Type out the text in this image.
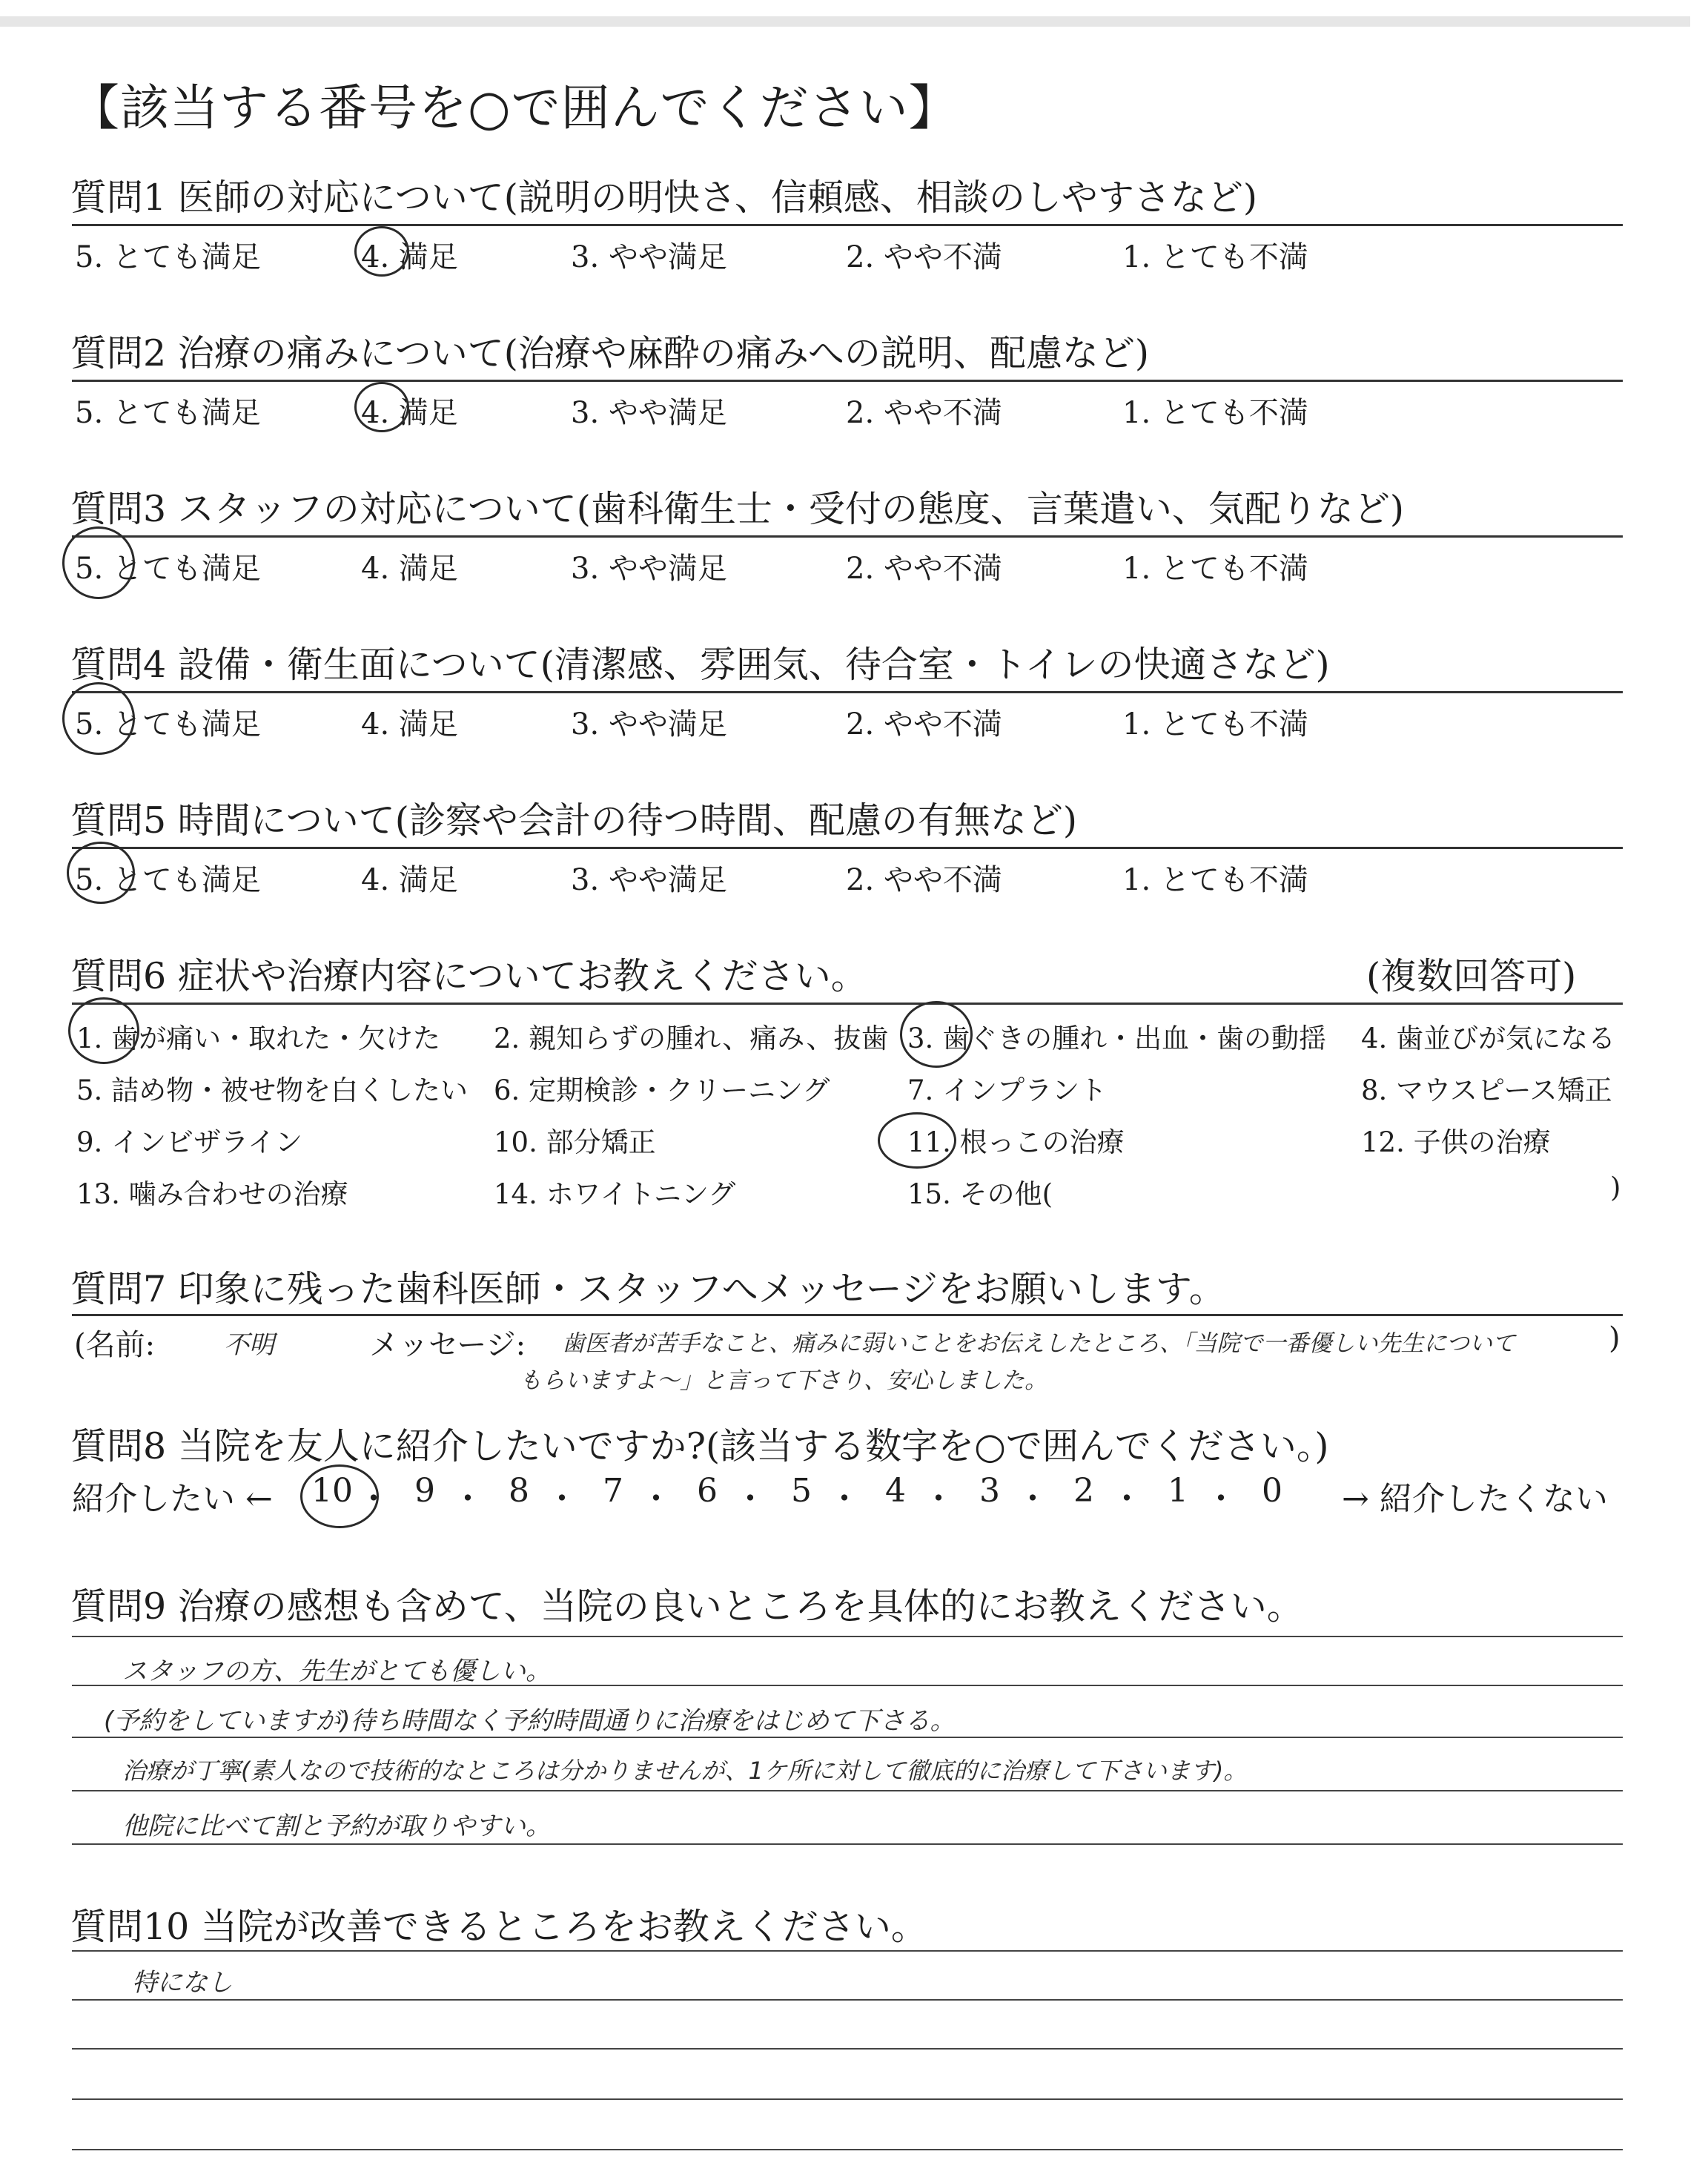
【該当する番号を○で囲んでください】
質問1 医師の対応について(説明の明快さ、信頼感、相談のしやすさなど)
5. とても満足	4. 満足	3. やや満足	2. やや不満	1. とても不満
質問2 治療の痛みについて(治療や麻酔の痛みへの説明、配慮など)
5. とても満足	4. 満足	3. やや満足	2. やや不満	1. とても不満
質問3 スタッフの対応について(歯科衛生士・受付の態度、言葉遣い、気配りなど)
5. とても満足	4. 満足	3. やや満足	2. やや不満	1. とても不満
質問4 設備・衛生面について(清潔感、雰囲気、待合室・トイレの快適さなど)
5. とても満足	4. 満足	3. やや満足	2. やや不満	1. とても不満
質問5 時間について(診察や会計の待つ時間、配慮の有無など)
5. とても満足	4. 満足	3. やや満足	2. やや不満	1. とても不満
質問6 症状や治療内容についてお教えください。	(複数回答可)
1. 歯が痛い・取れた・欠けた 2. 親知らずの腫れ、痛み、抜歯 3. 歯ぐきの腫れ・出血・歯の動揺 4. 歯並びが気になる
5. 詰め物・被せ物を白くしたい 6. 定期検診・クリーニング	7. インプラント	8. マウスピース矯正
9. インビザライン	10. 部分矯正	11. 根っこの治療	12. 子供の治療
13. 噛み合わせの治療	14. ホワイトニング	15. その他(	)
質問7 印象に残った歯科医師・スタッフへメッセージをお願いします。
(名前:	不明	メッセージ: 歯医者が苦手なこと、痛みに弱いことをお伝えしたところ、「当院で一番優しい先生について
もらいますよ〜」と言って下さり、安心しました。
)
質問8 当院を友人に紹介したいですか?(該当する数字を○で囲んでください。)
紹介したい ←	→ 紹介したくない
10 ・ 9 ・ 8 ・ 7 ・ 6 ・ 5 ・ 4 ・ 3 ・ 2 ・ 1 ・ 0
質問9 治療の感想も含めて、当院の良いところを具体的にお教えください。
スタッフの方、先生がとても優しい。
(予約をしていますが)待ち時間なく予約時間通りに治療をはじめて下さる。
治療が丁寧(素人なので技術的なところは分かりませんが、1ケ所に対して徹底的に治療して下さいます)。
他院に比べて割と予約が取りやすい。
質問10 当院が改善できるところをお教えください。
特になし
